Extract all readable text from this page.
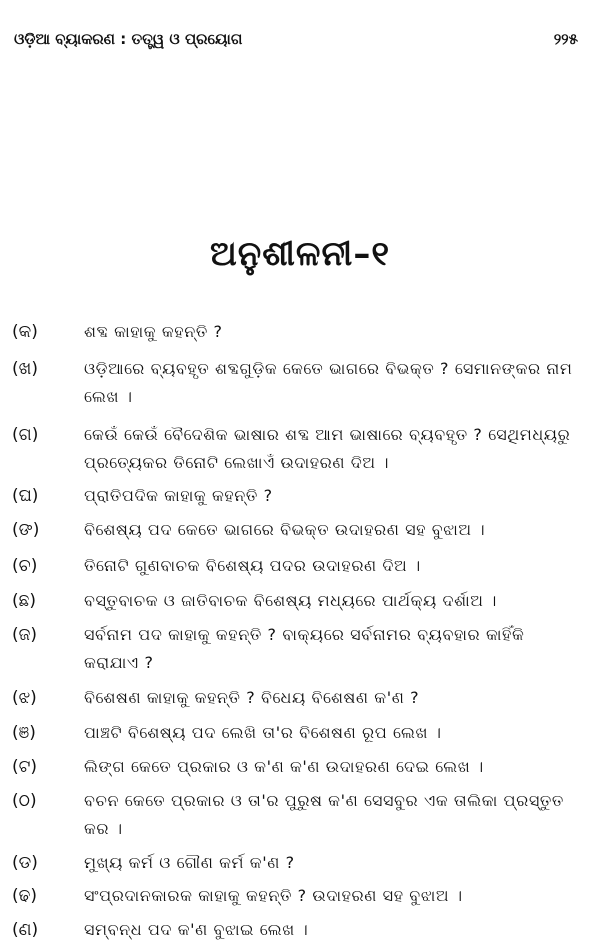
ଓଡ଼ିଆ ବ୍ୟାକରଣ : ତତ୍ତ୍ୱ ଓ ପ୍ରୟୋଗ	୨୨୫
ଅନୁଶୀଳନୀ–୧
(କ)	ଶବ୍ଦ କାହାକୁ କହନ୍ତି ?
(ଖ)	ଓଡ଼ିଆରେ ବ୍ୟବହୃତ ଶବ୍ଦଗୁଡ଼ିକ କେତେ ଭାଗରେ ବିଭକ୍ତ ? ସେମାନଙ୍କର ନାମ ଲେଖ ।
(ଗ)	କେଉଁ କେଉଁ ବୈଦେଶିକ ଭାଷାର ଶବ୍ଦ ଆମ ଭାଷାରେ ବ୍ୟବହୃତ ? ସେଥିମଧ୍ୟରୁ ପ୍ରତ୍ୟେକର ତିନୋଟି ଲେଖାଏଁ ଉଦାହରଣ ଦିଅ ।
(ଘ)	ପ୍ରାତିପଦିକ କାହାକୁ କହନ୍ତି ?
(ଙ)	ବିଶେଷ୍ୟ ପଦ କେତେ ଭାଗରେ ବିଭକ୍ତ ଉଦାହରଣ ସହ ବୁଝାଅ ।
(ଚ)	ତିନୋଟି ଗୁଣବାଚକ ବିଶେଷ୍ୟ ପଦର ଉଦାହରଣ ଦିଅ ।
(ଛ)	ବସ୍ତୁବାଚକ ଓ ଜାତିବାଚକ ବିଶେଷ୍ୟ ମଧ୍ୟରେ ପାର୍ଥକ୍ୟ ଦର୍ଶାଅ ।
(ଜ)	ସର୍ବନାମ ପଦ କାହାକୁ କହନ୍ତି ? ବାକ୍ୟରେ ସର୍ବନାମର ବ୍ୟବହାର କାହିଁକି କରାଯାଏ ?
(ଝ)	ବିଶେଷଣ କାହାକୁ କହନ୍ତି ? ବିଧେୟ ବିଶେଷଣ କ'ଣ ?
(ଞ)	ପାଞ୍ଚଟି ବିଶେଷ୍ୟ ପଦ ଲେଖି ତା'ର ବିଶେଷଣ ରୂପ ଲେଖ ।
(ଟ)	ଲିଙ୍ଗ କେତେ ପ୍ରକାର ଓ କ'ଣ କ'ଣ ଉଦାହରଣ ଦେଇ ଲେଖ ।
(ଠ)	ବଚନ କେତେ ପ୍ରକାର ଓ ତା'ର ପୁରୁଷ କ'ଣ ସେସବୁର ଏକ ତାଲିକା ପ୍ରସ୍ତୁତ କର ।
(ଡ)	ମୁଖ୍ୟ କର୍ମ ଓ ଗୌଣ କର୍ମ କ'ଣ ?
(ଢ)	ସଂପ୍ରଦାନକାରକ କାହାକୁ କହନ୍ତି ? ଉଦାହରଣ ସହ ବୁଝାଅ ।
(ଣ)	ସମ୍ବନ୍ଧ ପଦ କ'ଣ ବୁଝାଇ ଲେଖ ।
